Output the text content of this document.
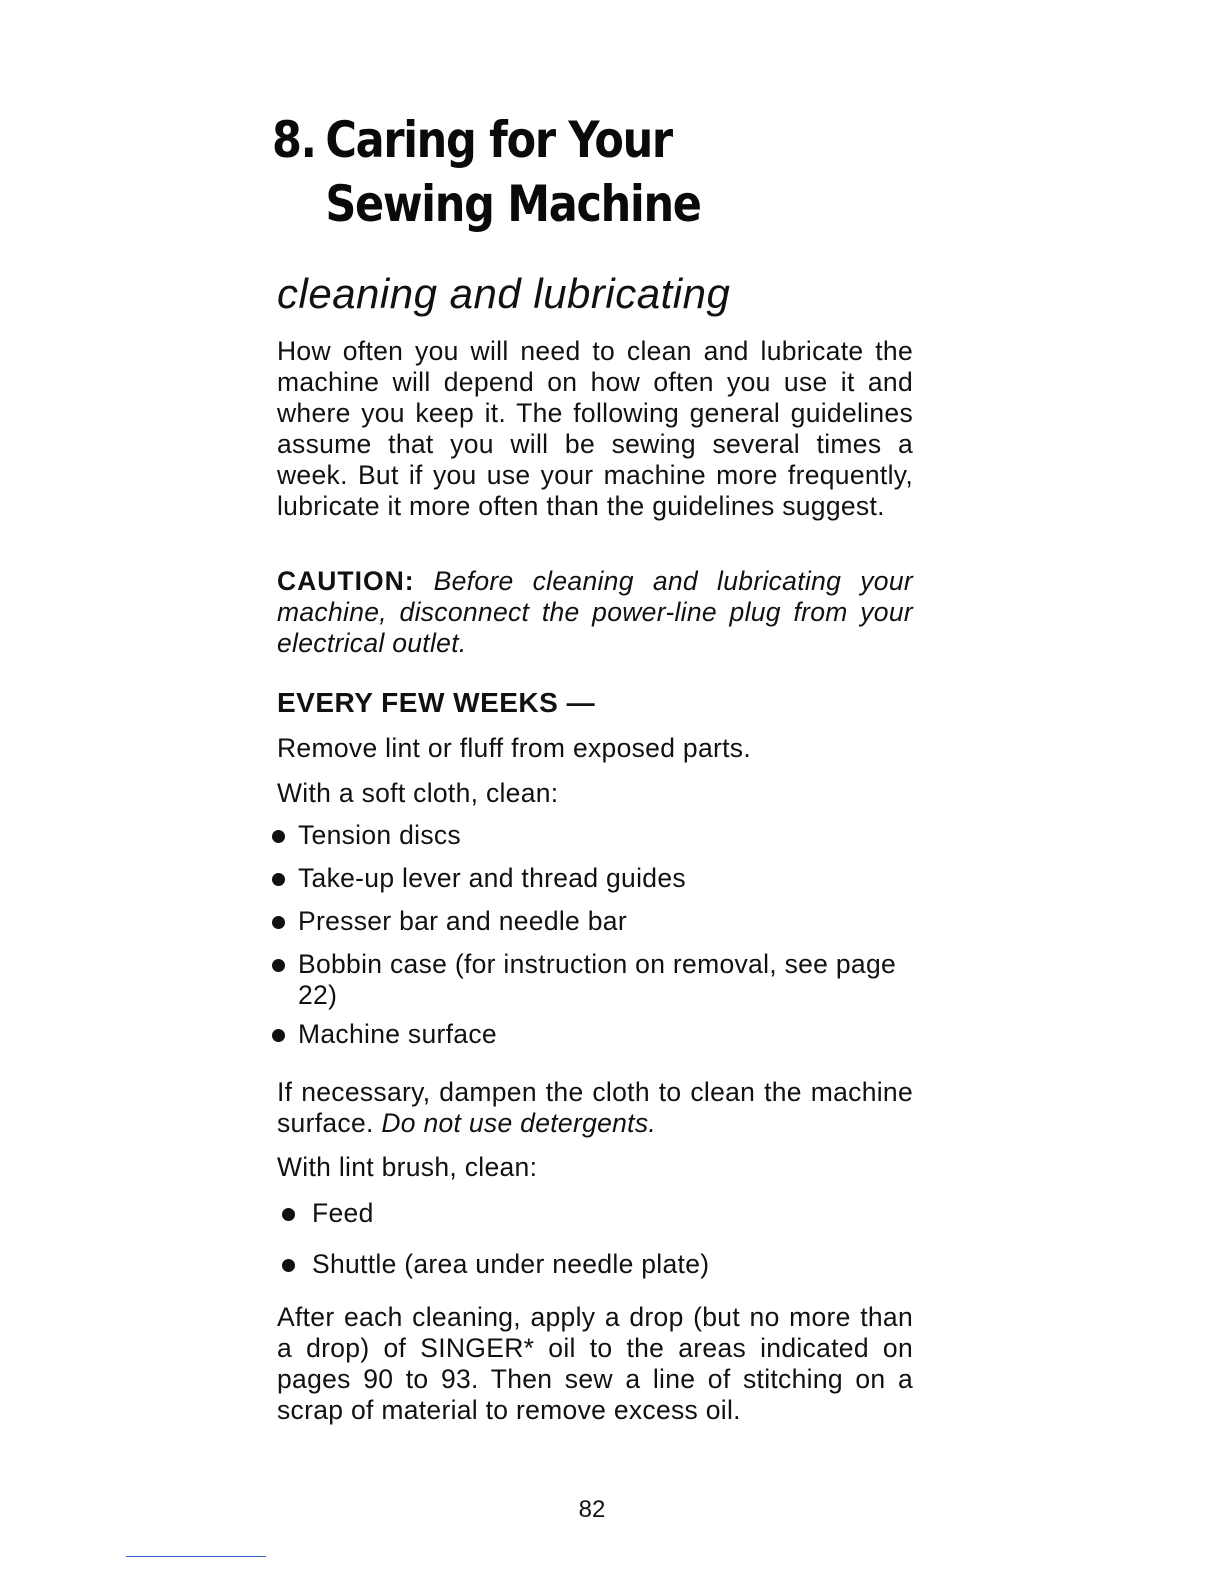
8. Caring for Your
Sewing Machine
cleaning and lubricating

How often you will need to clean and lubricate the machine will depend on how often you use it and where you keep it. The following general guidelines assume that you will be sewing several times a week. But if you use your machine more frequently, lubricate it more often than the guidelines suggest.

CAUTION: Before cleaning and lubricating your machine, disconnect the power-line plug from your electrical outlet.

EVERY FEW WEEKS —

Remove lint or fluff from exposed parts.

With a soft cloth, clean:

Tension discs
Take-up lever and thread guides
Presser bar and needle bar
Bobbin case (for instruction on removal, see page 22)
Machine surface

If necessary, dampen the cloth to clean the machine surface. Do not use detergents.

With lint brush, clean:

Feed
Shuttle (area under needle plate)

After each cleaning, apply a drop (but no more than a drop) of SINGER* oil to the areas indicated on pages 90 to 93. Then sew a line of stitching on a scrap of material to remove excess oil.

82
